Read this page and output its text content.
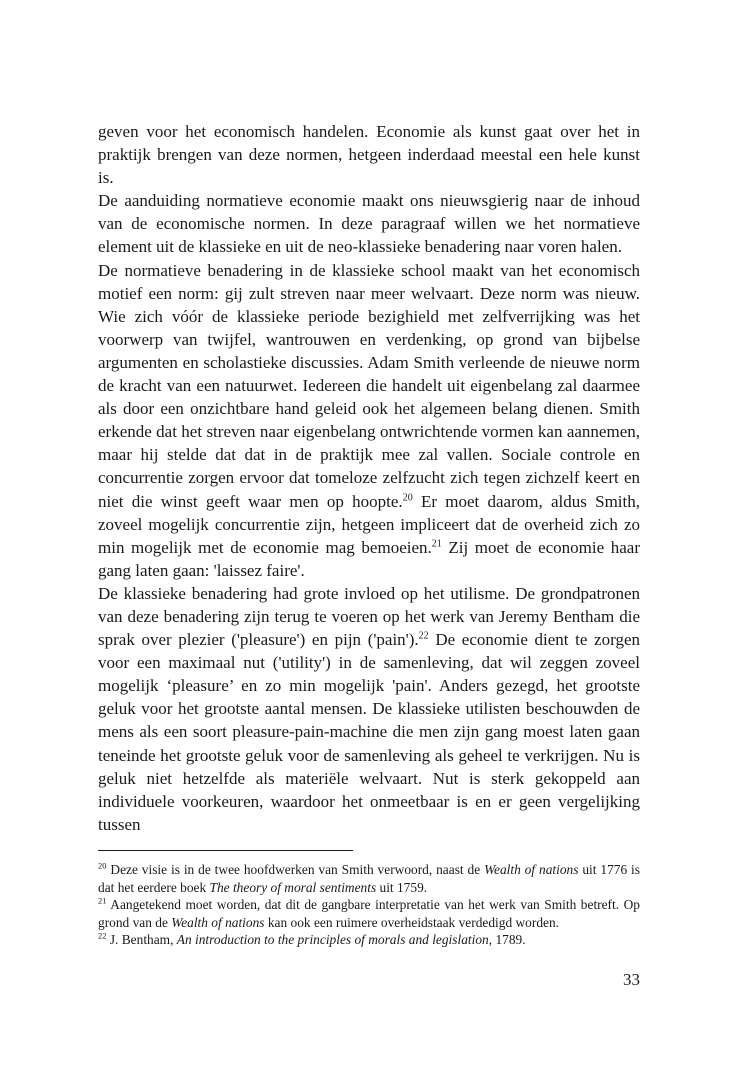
geven voor het economisch handelen. Economie als kunst gaat over het in praktijk brengen van deze normen, hetgeen inderdaad meestal een hele kunst is.

De aanduiding normatieve economie maakt ons nieuwsgierig naar de inhoud van de economische normen. In deze paragraaf willen we het normatieve element uit de klassieke en uit de neo-klassieke benadering naar voren halen.

De normatieve benadering in de klassieke school maakt van het economisch motief een norm: gij zult streven naar meer welvaart. Deze norm was nieuw. Wie zich vóór de klassieke periode bezighield met zelfverrijking was het voorwerp van twijfel, wantrouwen en verdenking, op grond van bijbelse argumenten en scholastieke discussies. Adam Smith verleende de nieuwe norm de kracht van een natuurwet. Iedereen die handelt uit eigenbelang zal daarmee als door een onzichtbare hand geleid ook het algemeen belang dienen. Smith erkende dat het streven naar eigenbelang ontwrichtende vormen kan aannemen, maar hij stelde dat dat in de praktijk mee zal vallen. Sociale controle en concurrentie zorgen ervoor dat tomeloze zelfzucht zich tegen zichzelf keert en niet die winst geeft waar men op hoopte.$^{20}$ Er moet daarom, aldus Smith, zoveel mogelijk concurrentie zijn, hetgeen impliceert dat de overheid zich zo min mogelijk met de economie mag bemoeien.$^{21}$ Zij moet de economie haar gang laten gaan: 'laissez faire'.

De klassieke benadering had grote invloed op het utilisme. De grondpatronen van deze benadering zijn terug te voeren op het werk van Jeremy Bentham die sprak over plezier ('pleasure') en pijn ('pain').$^{22}$ De economie dient te zorgen voor een maximaal nut ('utility') in de samenleving, dat wil zeggen zoveel mogelijk ‘pleasure’ en zo min mogelijk 'pain'. Anders gezegd, het grootste geluk voor het grootste aantal mensen. De klassieke utilisten beschouwden de mens als een soort pleasure-pain-machine die men zijn gang moest laten gaan teneinde het grootste geluk voor de samenleving als geheel te verkrijgen. Nu is geluk niet hetzelfde als materiële welvaart. Nut is sterk gekoppeld aan individuele voorkeuren, waardoor het onmeetbaar is en er geen vergelijking tussen

$^{20}$ Deze visie is in de twee hoofdwerken van Smith verwoord, naast de Wealth of nations uit 1776 is dat het eerdere boek The theory of moral sentiments uit 1759.

$^{21}$ Aangetekend moet worden, dat dit de gangbare interpretatie van het werk van Smith betreft. Op grond van de Wealth of nations kan ook een ruimere overheidstaak verdedigd worden.

$^{22}$ J. Bentham, An introduction to the principles of morals and legislation, 1789.

33
